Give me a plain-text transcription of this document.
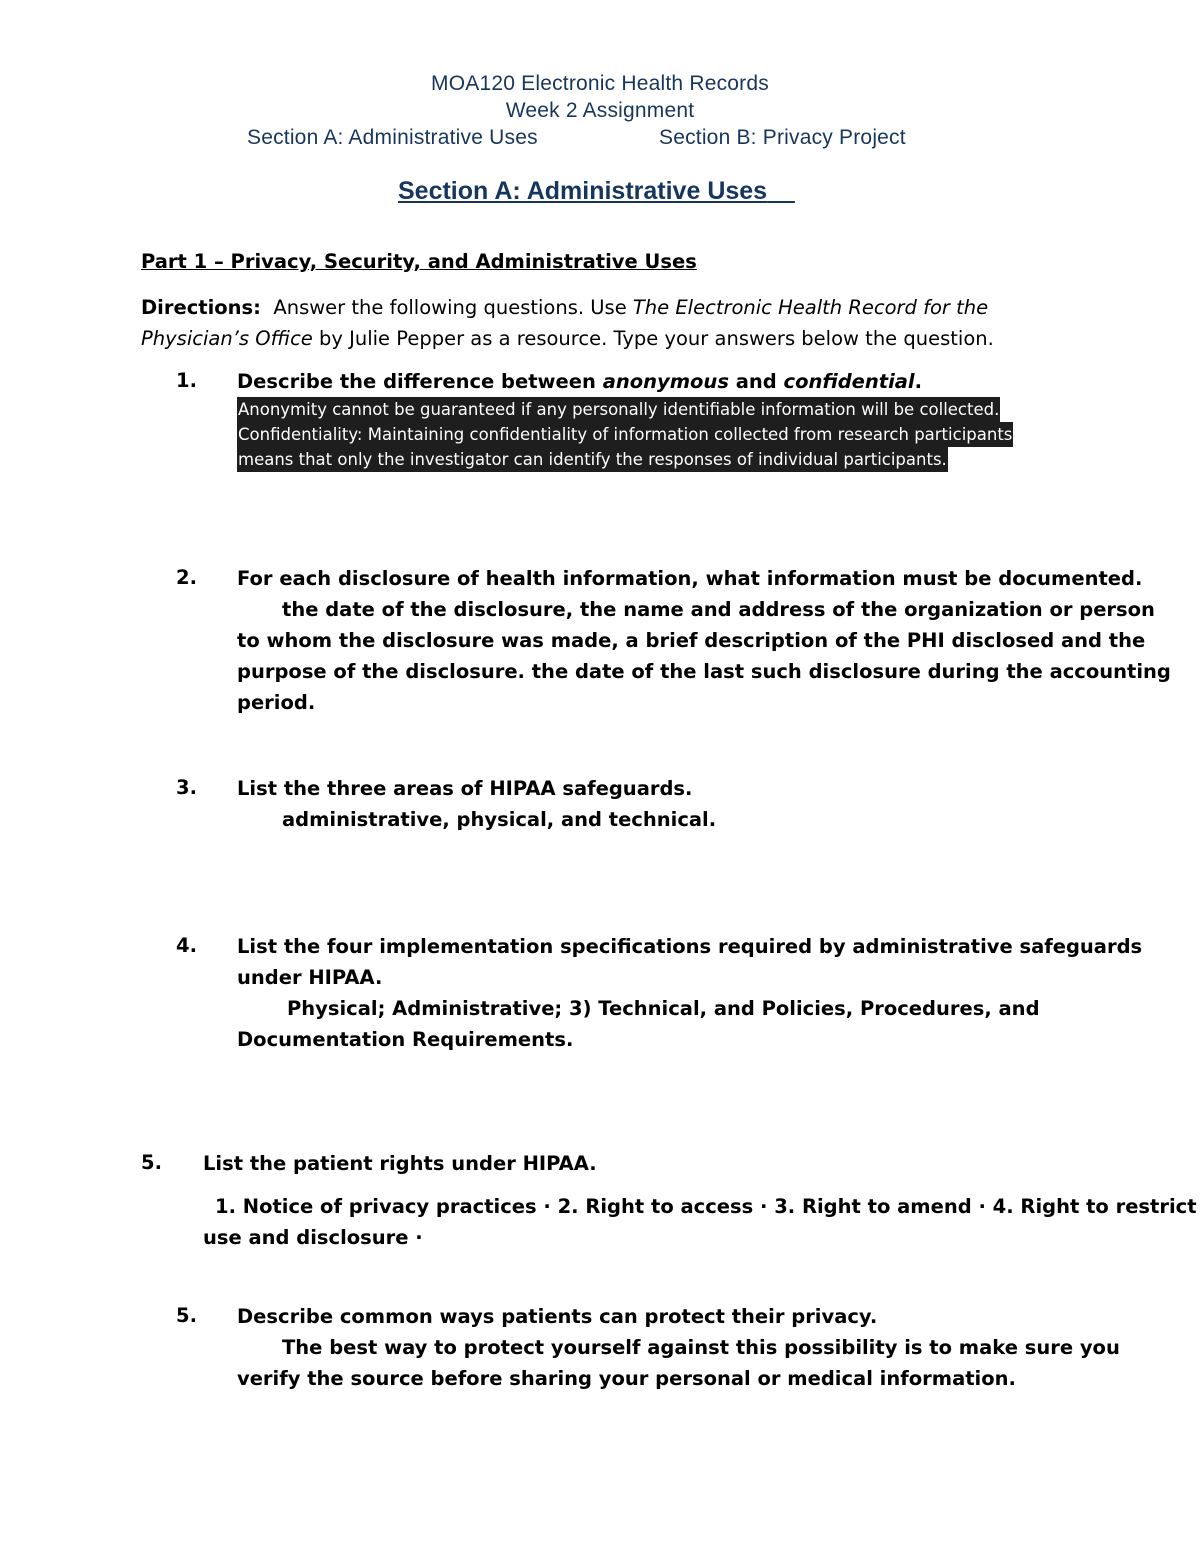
MOA120 Electronic Health Records
Week 2 Assignment
Section A: Administrative Uses	Section B: Privacy Project
Section A: Administrative Uses
Part 1 – Privacy, Security, and Administrative Uses
Directions: Answer the following questions. Use The Electronic Health Record for the
Physician’s Office by Julie Pepper as a resource. Type your answers below the question.
1. Describe the difference between anonymous and confidential.
Anonymity cannot be guaranteed if any personally identifiable information will be collected.
Confidentiality: Maintaining confidentiality of information collected from research participants
means that only the investigator can identify the responses of individual participants.
2. For each disclosure of health information, what information must be documented.
the date of the disclosure, the name and address of the organization or person
to whom the disclosure was made, a brief description of the PHI disclosed and the
purpose of the disclosure. the date of the last such disclosure during the accounting
period.
3. List the three areas of HIPAA safeguards.
administrative, physical, and technical.
4. List the four implementation specifications required by administrative safeguards
under HIPAA.
Physical; Administrative; 3) Technical, and Policies, Procedures, and
Documentation Requirements.
5. List the patient rights under HIPAA.
1. Notice of privacy practices · 2. Right to access · 3. Right to amend · 4. Right to restrict
use and disclosure ·
5. Describe common ways patients can protect their privacy.
The best way to protect yourself against this possibility is to make sure you
verify the source before sharing your personal or medical information.
